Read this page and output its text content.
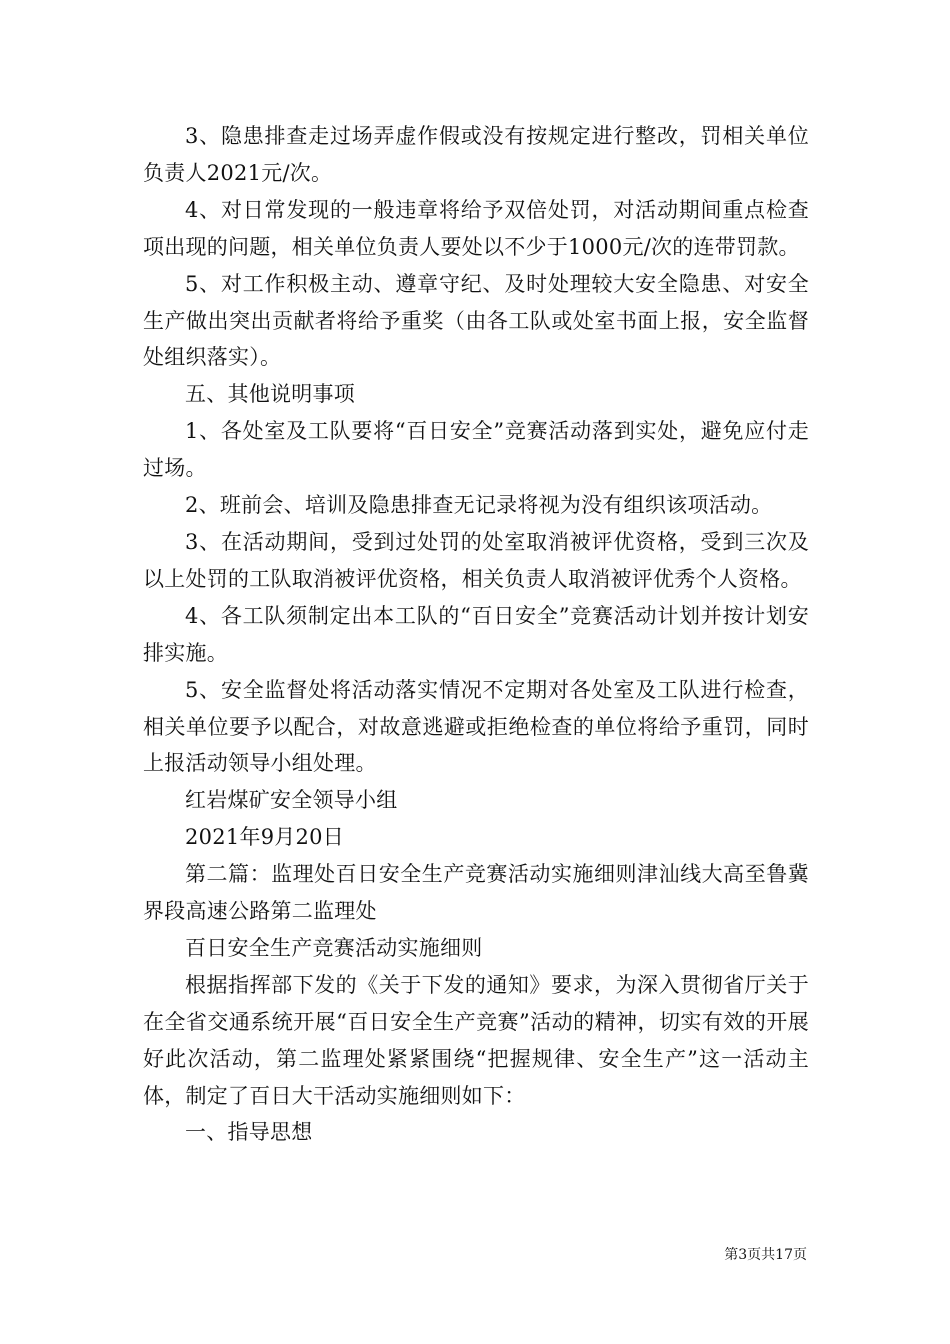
3、隐患排查走过场弄虚作假或没有按规定进行整改，罚相关单位负责人2021元/次。

4、对日常发现的一般违章将给予双倍处罚，对活动期间重点检查项出现的问题，相关单位负责人要处以不少于1000元/次的连带罚款。

5、对工作积极主动、遵章守纪、及时处理较大安全隐患、对安全生产做出突出贡献者将给予重奖（由各工队或处室书面上报，安全监督处组织落实）。

五、其他说明事项

1、各处室及工队要将“百日安全”竞赛活动落到实处，避免应付走过场。

2、班前会、培训及隐患排查无记录将视为没有组织该项活动。

3、在活动期间，受到过处罚的处室取消被评优资格，受到三次及以上处罚的工队取消被评优资格，相关负责人取消被评优秀个人资格。

4、各工队须制定出本工队的“百日安全”竞赛活动计划并按计划安排实施。

5、安全监督处将活动落实情况不定期对各处室及工队进行检查，相关单位要予以配合，对故意逃避或拒绝检查的单位将给予重罚，同时上报活动领导小组处理。

红岩煤矿安全领导小组

2021年9月20日

第二篇：监理处百日安全生产竞赛活动实施细则津汕线大高至鲁冀界段高速公路第二监理处

百日安全生产竞赛活动实施细则

根据指挥部下发的《关于下发的通知》要求，为深入贯彻省厅关于在全省交通系统开展“百日安全生产竞赛”活动的精神，切实有效的开展好此次活动，第二监理处紧紧围绕“把握规律、安全生产”这一活动主体，制定了百日大干活动实施细则如下：

一、指导思想

第3页共17页
